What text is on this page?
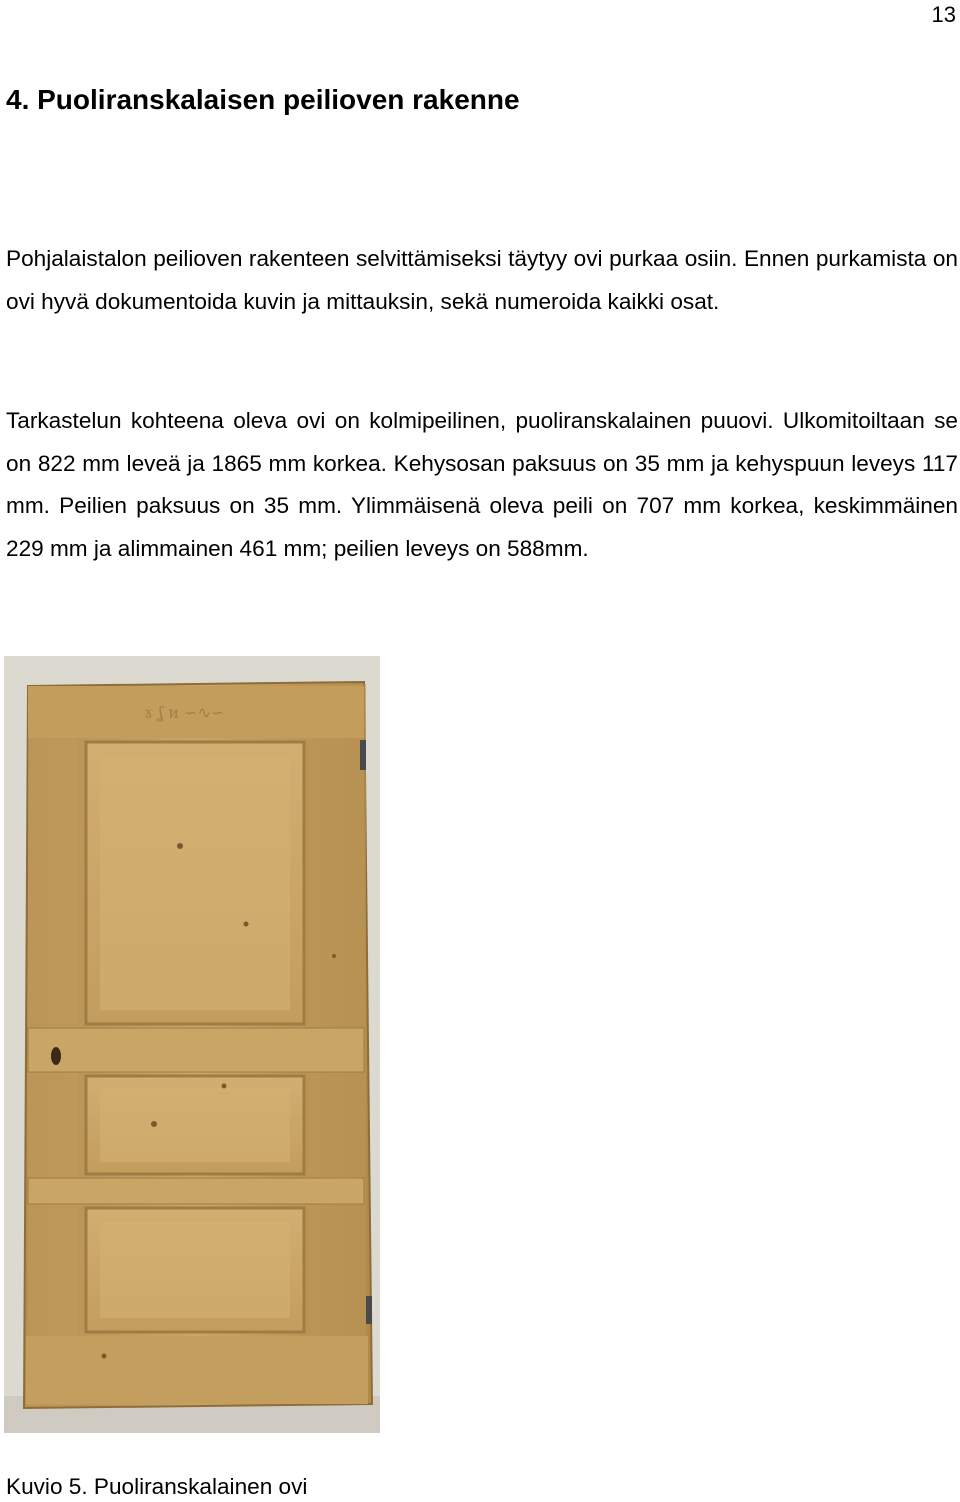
13
4. Puoliranskalaisen peilioven rakenne

Pohjalaistalon peilioven rakenteen selvittämiseksi täytyy ovi purkaa osiin. Ennen purkamista on ovi hyvä dokumentoida kuvin ja mittauksin, sekä numeroida kaikki osat.

Tarkastelun kohteena oleva ovi on kolmipeilinen, puoliranskalainen puuovi. Ulkomitoiltaan se on 822 mm leveä ja 1865 mm korkea. Kehysosan paksuus on 35 mm ja kehyspuun leveys 117 mm. Peilien paksuus on 35 mm. Ylimmäisenä oleva peili on 707 mm korkea, keskimmäinen 229 mm ja alimmainen 461 mm; peilien leveys on 588mm.

ɤ ʆ ᴎ ∽∿∽

Kuvio 5. Puoliranskalainen ovi
